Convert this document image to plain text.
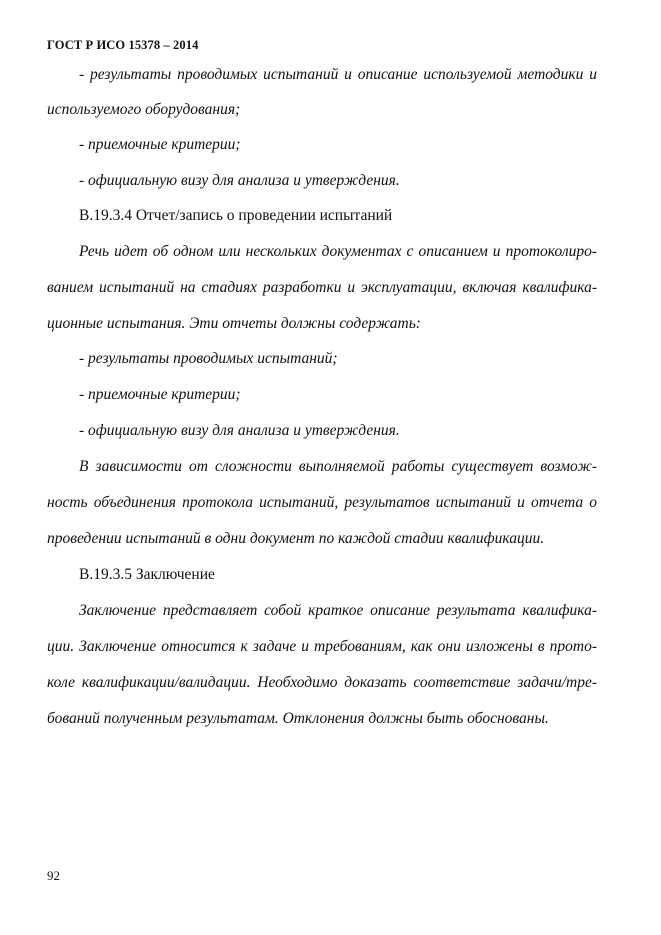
ГОСТ Р ИСО 15378 – 2014
- результаты проводимых испытаний и описание используемой методики и
используемого оборудования;
- приемочные критерии;
- официальную визу для анализа и утверждения.
В.19.3.4 Отчет/запись о проведении испытаний
Речь идет об одном или нескольких документах с описанием и протоколиро-
ванием испытаний на стадиях разработки и эксплуатации, включая квалифика-
ционные испытания. Эти отчеты должны содержать:
- результаты проводимых испытаний;
- приемочные критерии;
- официальную визу для анализа и утверждения.
В зависимости от сложности выполняемой работы существует возмож-
ность объединения протокола испытаний, результатов испытаний и отчета о
проведении испытаний в одни документ по каждой стадии квалификации.
В.19.3.5 Заключение
Заключение представляет собой краткое описание результата квалифика-
ции. Заключение относится к задаче и требованиям, как они изложены в прото-
коле квалификации/валидации. Необходимо доказать соответствие задачи/тре-
бований полученным результатам. Отклонения должны быть обоснованы.
92
